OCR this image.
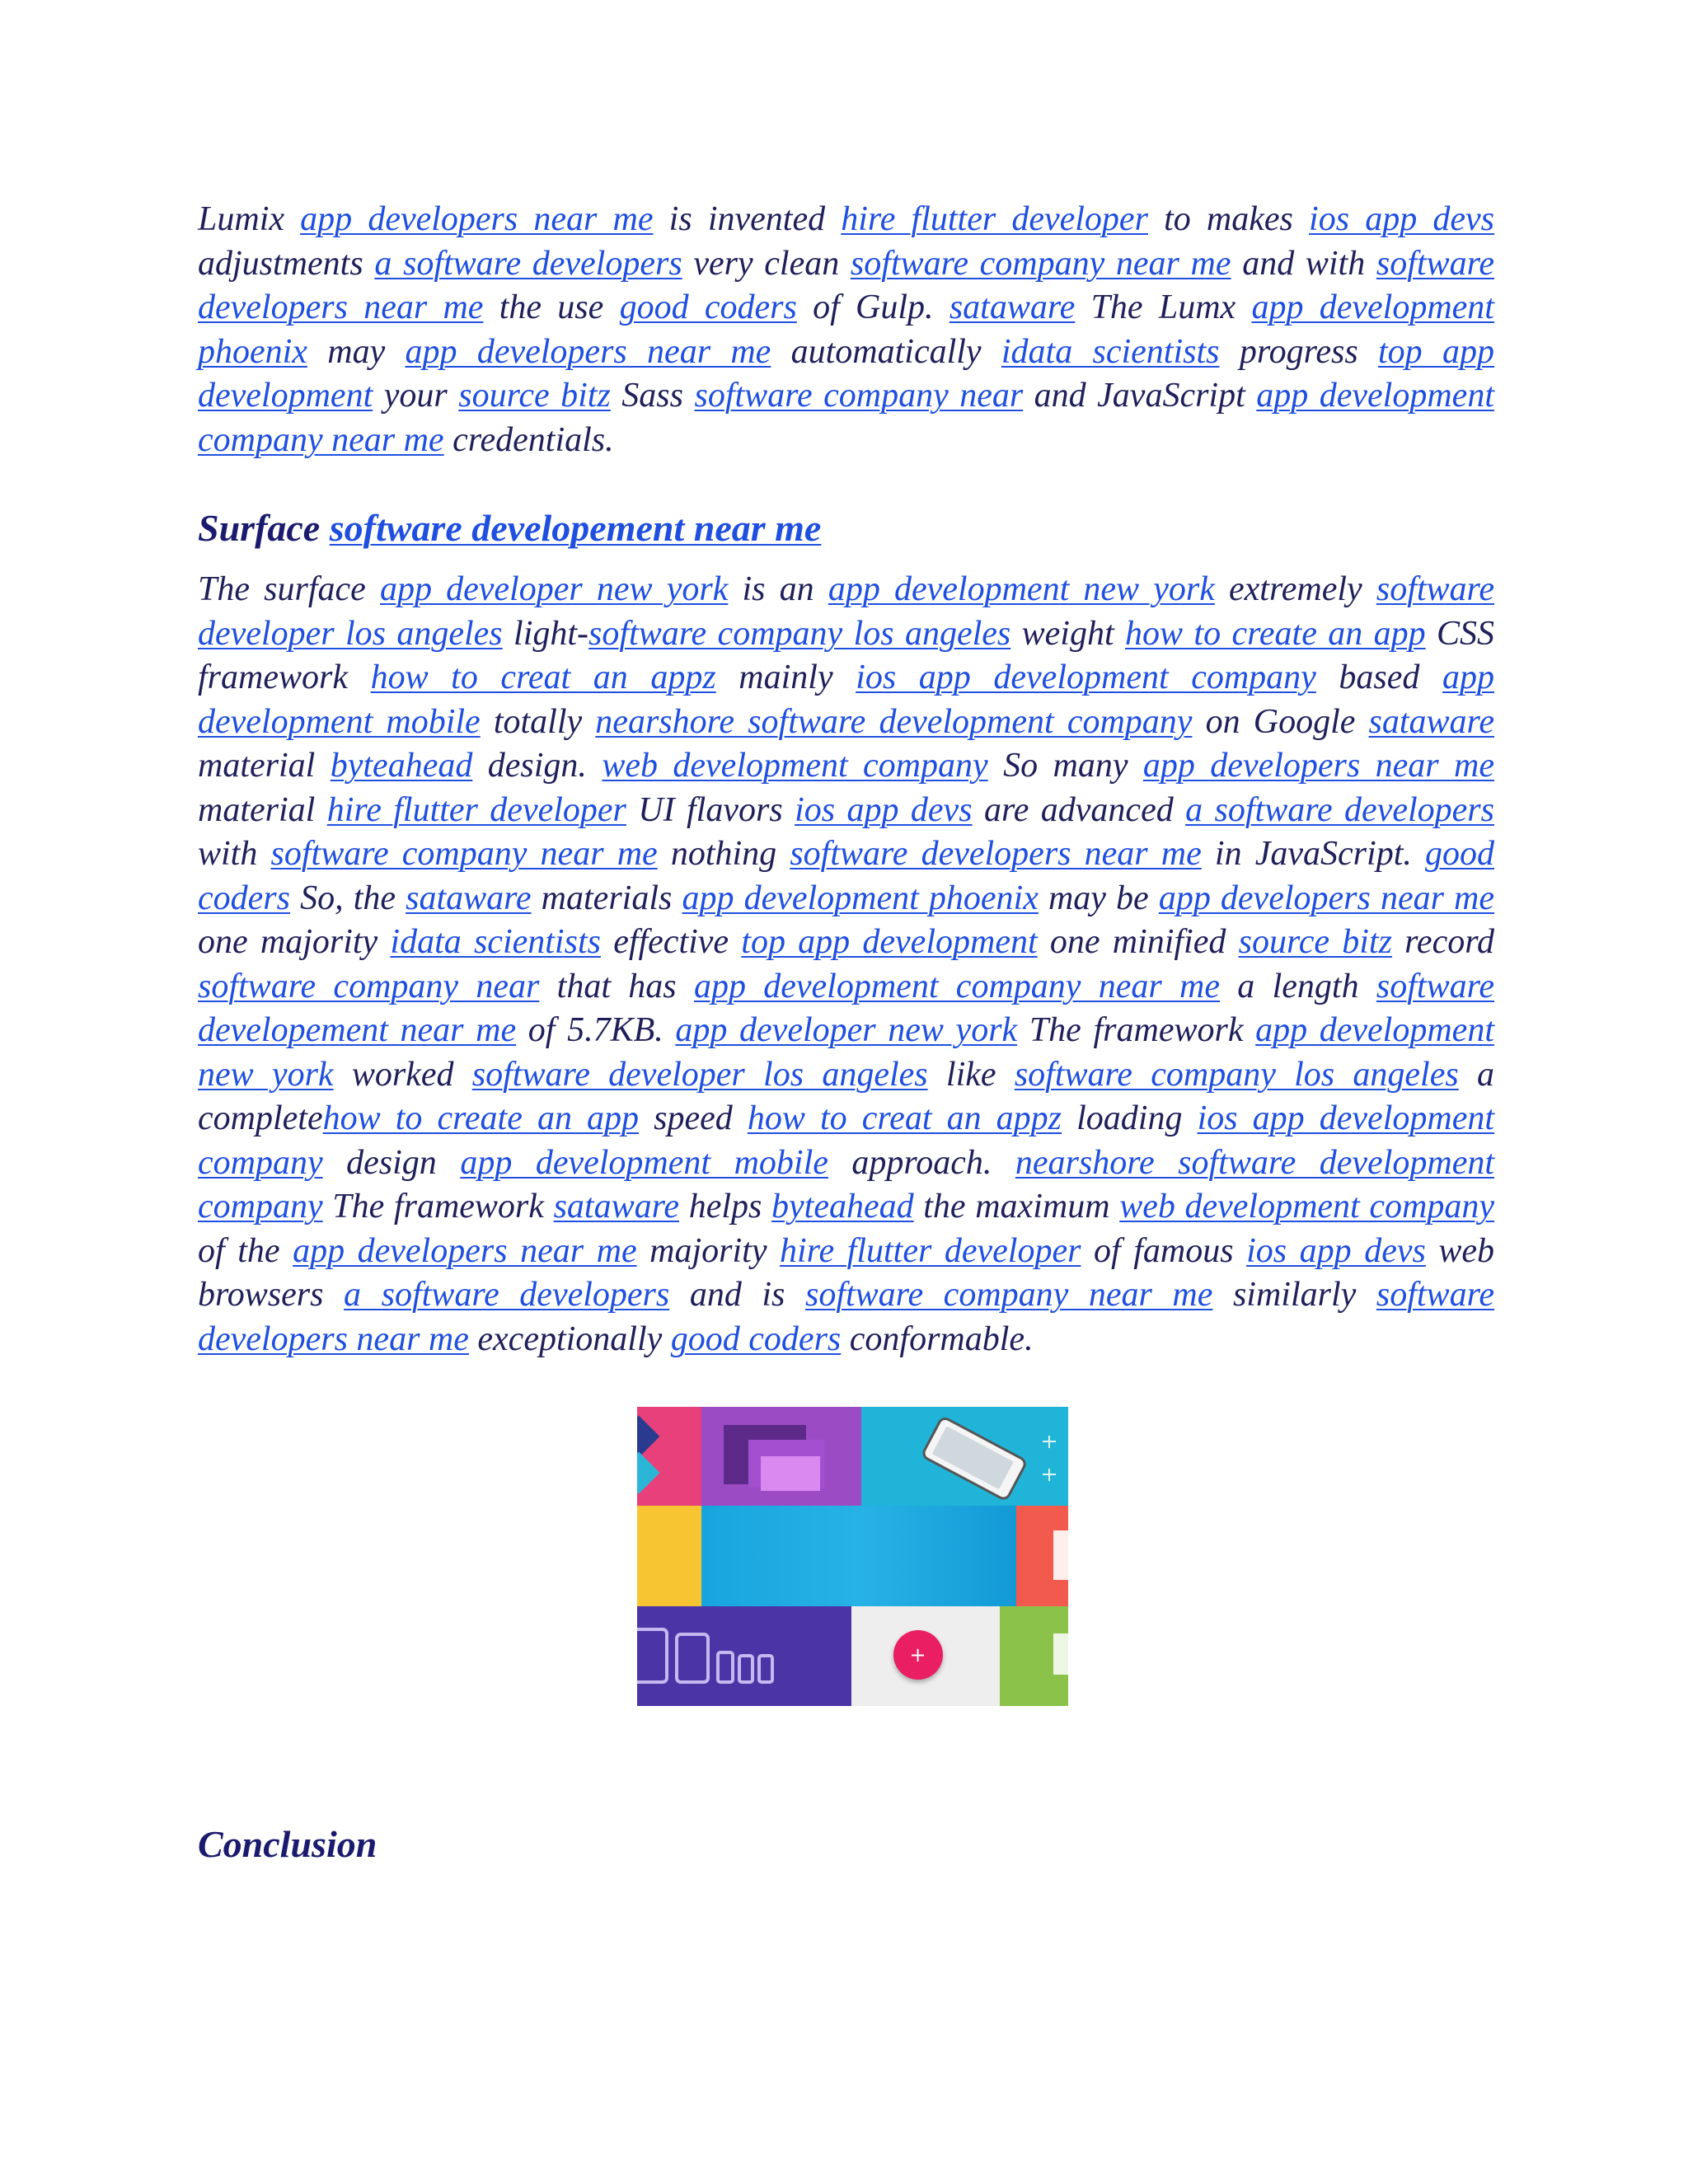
Lumix app developers near me is invented hire flutter developer to makes ios app devs adjustments a software developers very clean software company near me and with software developers near me the use good coders of Gulp. sataware The Lumx app development phoenix may app developers near me automatically idata scientists progress top app development your source bitz Sass software company near and JavaScript app development company near me credentials.

Surface software developement near me

The surface app developer new york is an app development new york extremely software developer los angeles light-software company los angeles weight how to create an app CSS framework how to creat an appz mainly ios app development company based app development mobile totally nearshore software development company on Google sataware material byteahead design. web development company So many app developers near me material hire flutter developer UI flavors ios app devs are advanced a software developers with software company near me nothing software developers near me in JavaScript. good coders So, the sataware materials app development phoenix may be app developers near me one majority idata scientists effective top app development one minified source bitz record software company near that has app development company near me a length software developement near me of 5.7KB. app developer new york The framework app development new york worked software developer los angeles like software company los angeles a completehow to create an app speed how to creat an appz loading ios app development company design app development mobile approach. nearshore software development company The framework sataware helps byteahead the maximum web development company of the app developers near me majority hire flutter developer of famous ios app devs web browsers a software developers and is software company near me similarly software developers near me exceptionally good coders conformable.

+
Conclusion
